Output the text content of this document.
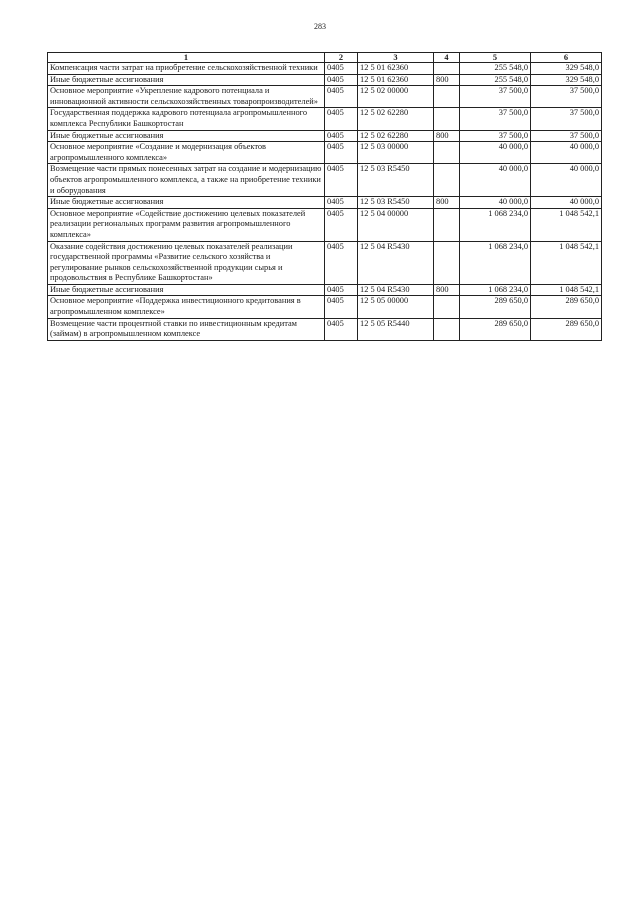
283
1	2	3	4	5	6
Компенсация части затрат на приобретение сельскохозяйственной техники	0405	12 5 01 62360		255 548,0	329 548,0
Иные бюджетные ассигнования	0405	12 5 01 62360	800	255 548,0	329 548,0
Основное мероприятие «Укрепление кадрового потенциала и инновационной активности сельскохозяйственных товаропроизводителей»	0405	12 5 02 00000		37 500,0	37 500,0
Государственная поддержка кадрового потенциала агропромышленного комплекса Республики Башкортостан	0405	12 5 02 62280		37 500,0	37 500,0
Иные бюджетные ассигнования	0405	12 5 02 62280	800	37 500,0	37 500,0
Основное мероприятие «Создание и модернизация объектов агропромышленного комплекса»	0405	12 5 03 00000		40 000,0	40 000,0
Возмещение части прямых понесенных затрат на создание и модернизацию объектов агропромышленного комплекса, а также на приобретение техники и оборудования	0405	12 5 03 R5450		40 000,0	40 000,0
Иные бюджетные ассигнования	0405	12 5 03 R5450	800	40 000,0	40 000,0
Основное мероприятие «Содействие достижению целевых показателей реализации региональных программ развития агропромышленного комплекса»	0405	12 5 04 00000		1 068 234,0	1 048 542,1
Оказание содействия достижению целевых показателей реализации государственной программы «Развитие сельского хозяйства и регулирование рынков сельскохозяйственной продукции сырья и продовольствия в Республике Башкортостан»	0405	12 5 04 R5430		1 068 234,0	1 048 542,1
Иные бюджетные ассигнования	0405	12 5 04 R5430	800	1 068 234,0	1 048 542,1
Основное мероприятие «Поддержка инвестиционного кредитования в агропромышленном комплексе»	0405	12 5 05 00000		289 650,0	289 650,0
Возмещение части процентной ставки по инвестиционным кредитам (займам) в агропромышленном комплексе	0405	12 5 05 R5440		289 650,0	289 650,0
